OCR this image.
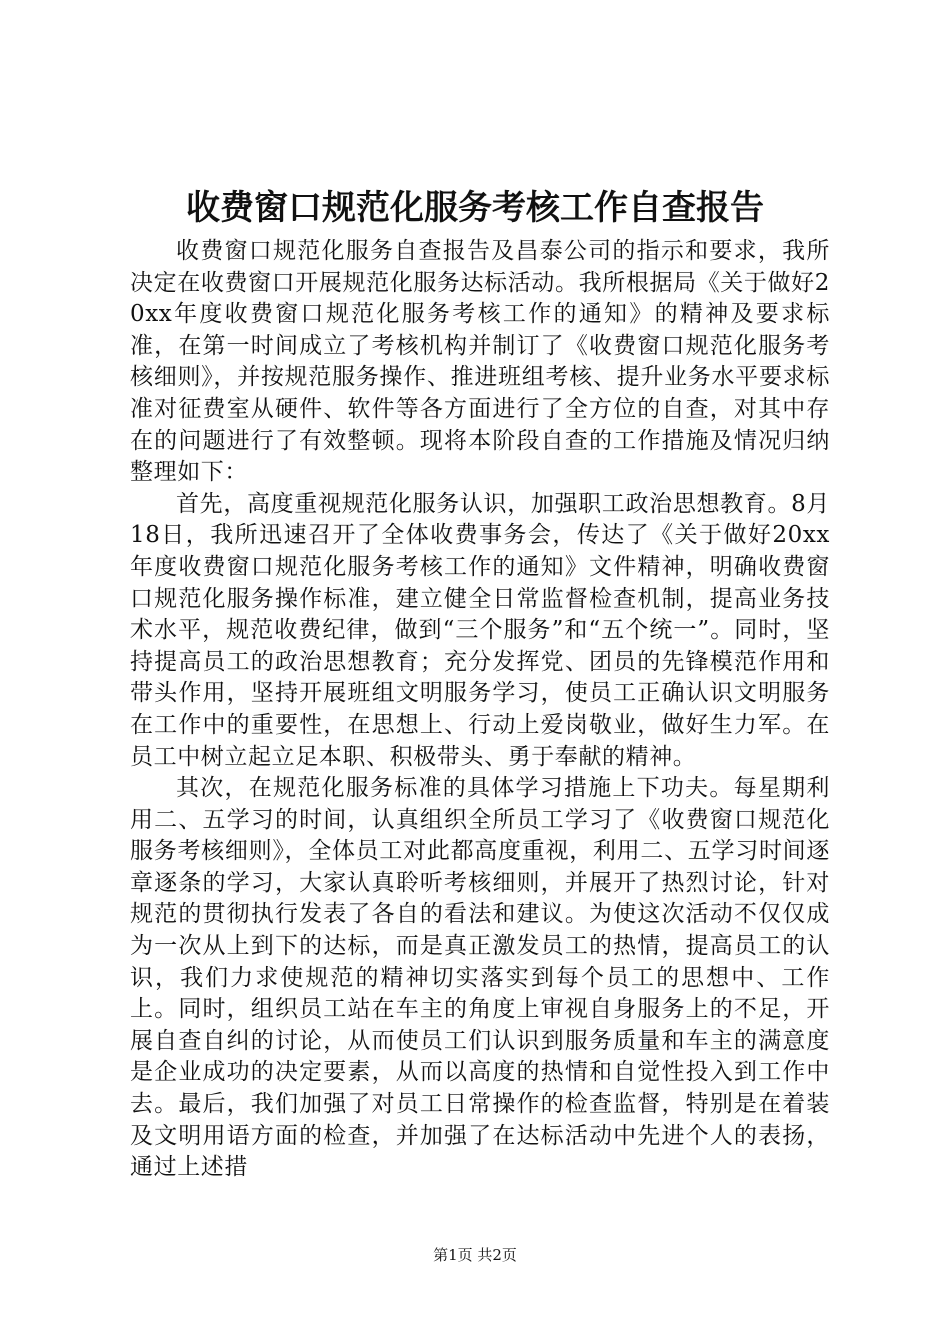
收费窗口规范化服务考核工作自查报告

收费窗口规范化服务自查报告及昌泰公司的指示和要求，我所决定在收费窗口开展规范化服务达标活动。我所根据局《关于做好20xx年度收费窗口规范化服务考核工作的通知》的精神及要求标准，在第一时间成立了考核机构并制订了《收费窗口规范化服务考核细则》，并按规范服务操作、推进班组考核、提升业务水平要求标准对征费室从硬件、软件等各方面进行了全方位的自查，对其中存在的问题进行了有效整顿。现将本阶段自查的工作措施及情况归纳整理如下：

首先，高度重视规范化服务认识，加强职工政治思想教育。8月18日，我所迅速召开了全体收费事务会，传达了《关于做好20xx年度收费窗口规范化服务考核工作的通知》文件精神，明确收费窗口规范化服务操作标准，建立健全日常监督检查机制，提高业务技术水平，规范收费纪律，做到“三个服务”和“五个统一”。同时，坚持提高员工的政治思想教育；充分发挥党、团员的先锋模范作用和带头作用，坚持开展班组文明服务学习，使员工正确认识文明服务在工作中的重要性，在思想上、行动上爱岗敬业，做好生力军。在员工中树立起立足本职、积极带头、勇于奉献的精神。

其次，在规范化服务标准的具体学习措施上下功夫。每星期利用二、五学习的时间，认真组织全所员工学习了《收费窗口规范化服务考核细则》，全体员工对此都高度重视，利用二、五学习时间逐章逐条的学习，大家认真聆听考核细则，并展开了热烈讨论，针对规范的贯彻执行发表了各自的看法和建议。为使这次活动不仅仅成为一次从上到下的达标，而是真正激发员工的热情，提高员工的认识，我们力求使规范的精神切实落实到每个员工的思想中、工作上。同时，组织员工站在车主的角度上审视自身服务上的不足，开展自查自纠的讨论，从而使员工们认识到服务质量和车主的满意度是企业成功的决定要素，从而以高度的热情和自觉性投入到工作中去。最后，我们加强了对员工日常操作的检查监督，特别是在着装及文明用语方面的检查，并加强了在达标活动中先进个人的表扬，通过上述措

第1页 共2页
